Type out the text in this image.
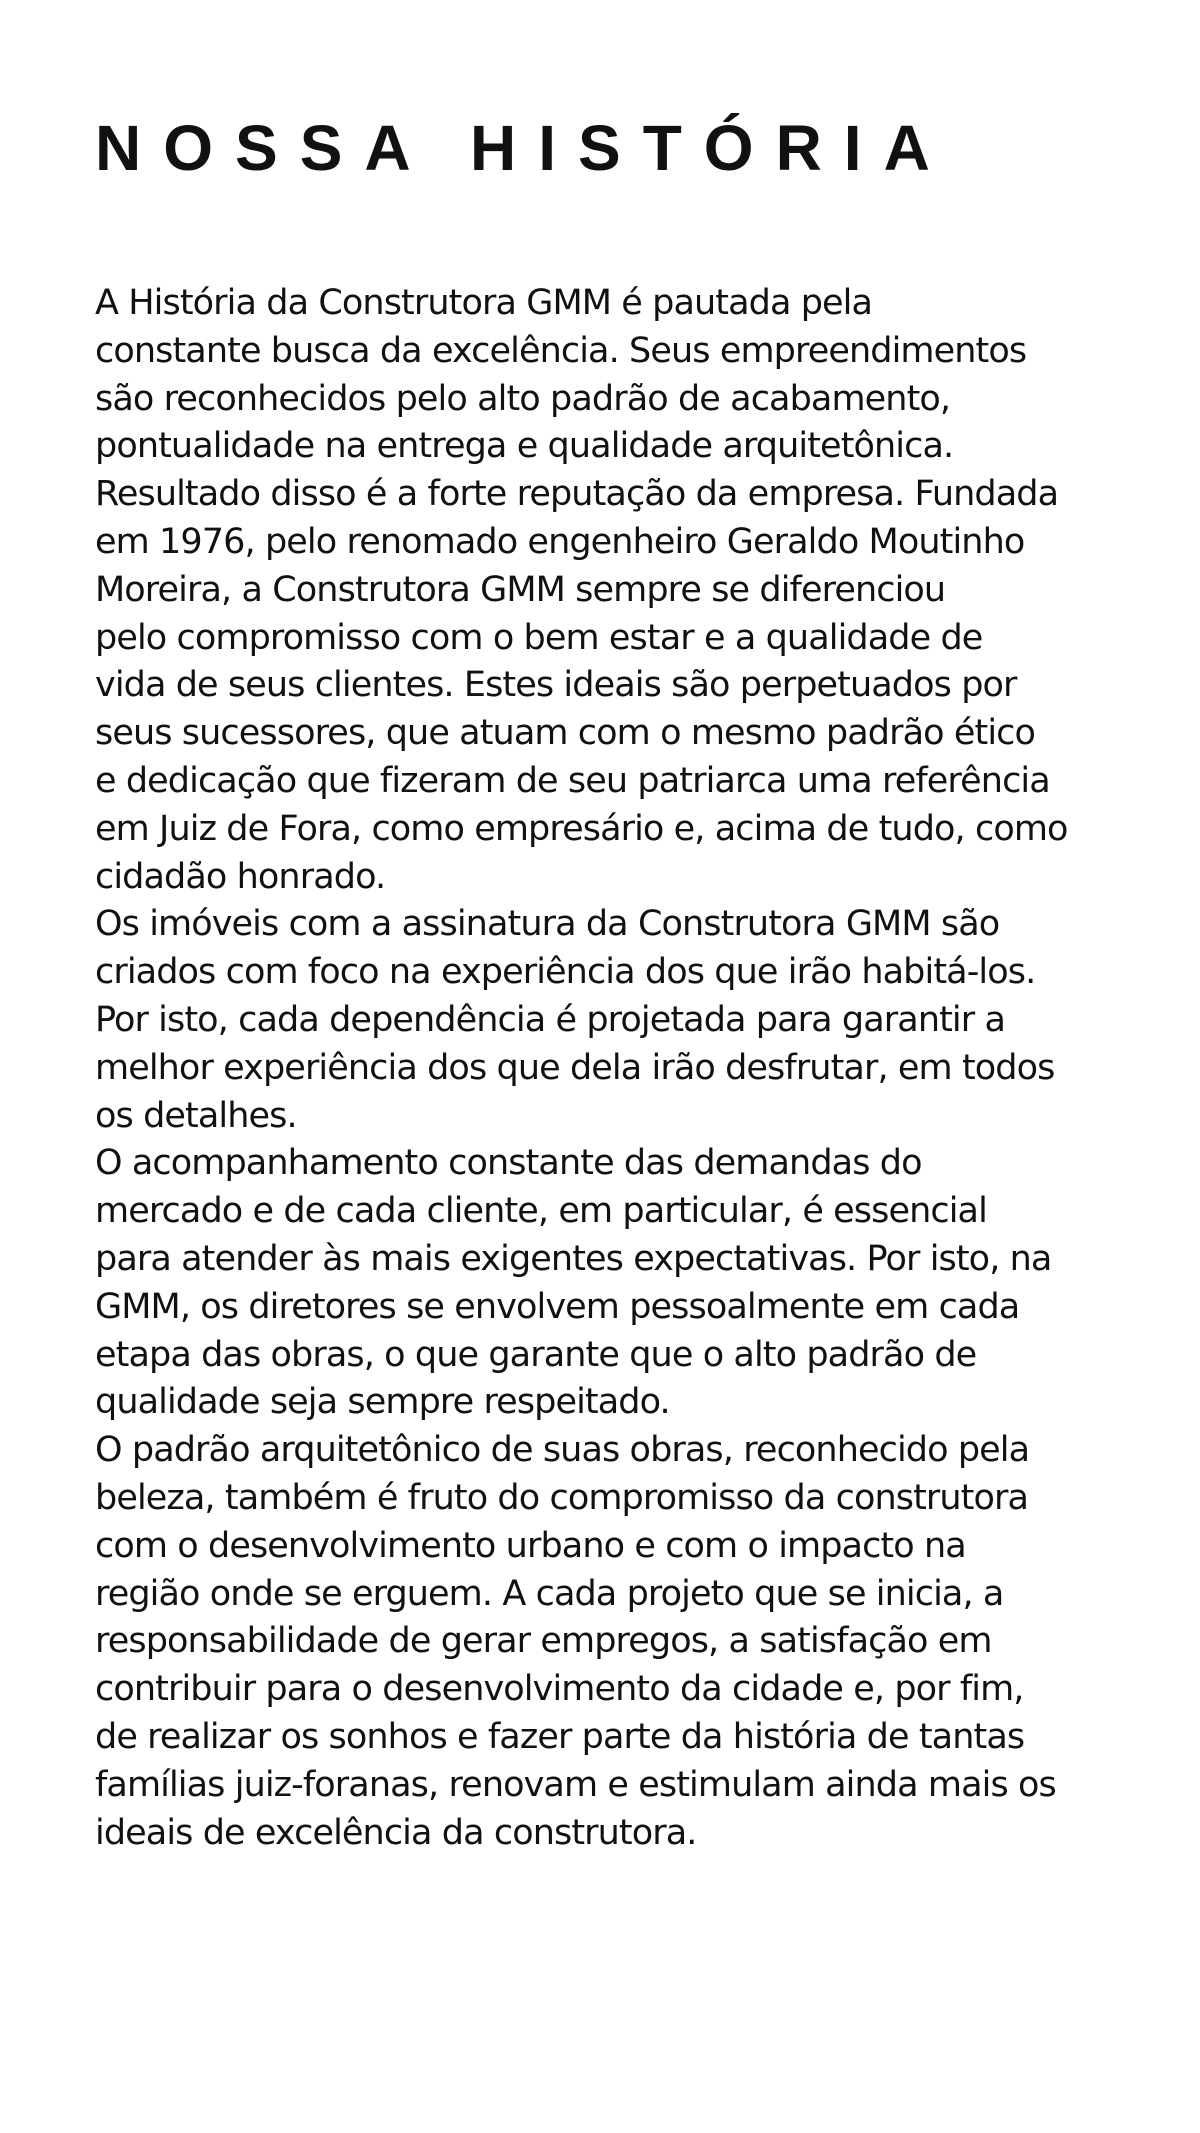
NOSSA HISTÓRIA
A História da Construtora GMM é pautada pela
constante busca da excelência. Seus empreendimentos
são reconhecidos pelo alto padrão de acabamento,
pontualidade na entrega e qualidade arquitetônica.
Resultado disso é a forte reputação da empresa. Fundada
em 1976, pelo renomado engenheiro Geraldo Moutinho
Moreira, a Construtora GMM sempre se diferenciou
pelo compromisso com o bem estar e a qualidade de
vida de seus clientes. Estes ideais são perpetuados por
seus sucessores, que atuam com o mesmo padrão ético
e dedicação que fizeram de seu patriarca uma referência
em Juiz de Fora, como empresário e, acima de tudo, como
cidadão honrado.
Os imóveis com a assinatura da Construtora GMM são
criados com foco na experiência dos que irão habitá-los.
Por isto, cada dependência é projetada para garantir a
melhor experiência dos que dela irão desfrutar, em todos
os detalhes.
O acompanhamento constante das demandas do
mercado e de cada cliente, em particular, é essencial
para atender às mais exigentes expectativas. Por isto, na
GMM, os diretores se envolvem pessoalmente em cada
etapa das obras, o que garante que o alto padrão de
qualidade seja sempre respeitado.
O padrão arquitetônico de suas obras, reconhecido pela
beleza, também é fruto do compromisso da construtora
com o desenvolvimento urbano e com o impacto na
região onde se erguem. A cada projeto que se inicia, a
responsabilidade de gerar empregos, a satisfação em
contribuir para o desenvolvimento da cidade e, por fim,
de realizar os sonhos e fazer parte da história de tantas
famílias juiz-foranas, renovam e estimulam ainda mais os
ideais de excelência da construtora.
